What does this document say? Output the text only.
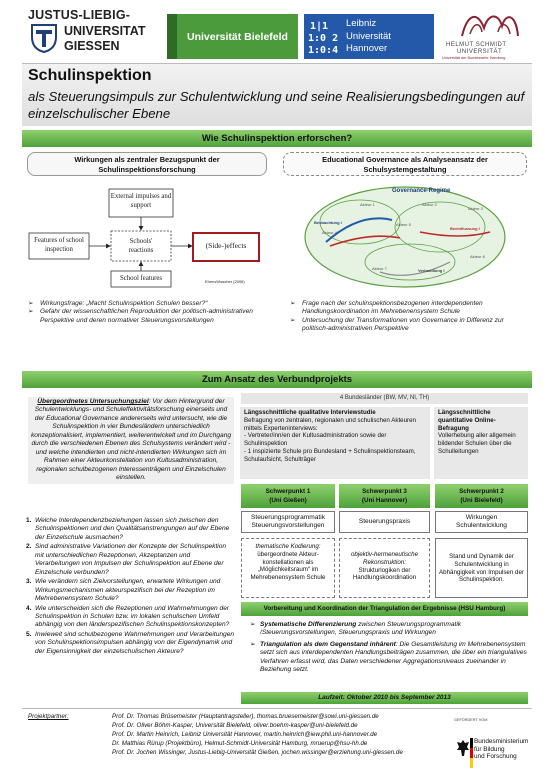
JUSTUS-LIEBIG-
UNIVERSITAT
GIESSEN
Universität Bielefeld
1|1
1:0 2
1:0:4
Leibniz
Universität
Hannover	HELMUT SCHMIDT
UNIVERSITÄT
Universität der Bundeswehr Hamburg
Schulinspektion
als Steuerungsimpuls zur Schulentwicklung und seine Realisierungsbedingungen auf einzelschulischer Ebene
Wie Schulinspektion erforschen?
Wirkungen als zentraler Bezugspunkt der Schulinspektionsforschung
Educational Governance als Analyseansatz der Schulsystemgestaltung
External impulses and support
Features of school inspection
Schools' reactions	(Side-)effects
School features	Ehren/Visscher (2006)
Governance-Regime
Akteur 1	Akteur 2
Akteur 3
Akteur 4
Akteur 5
Akteur 6
Akteur 7
Beobachtung I
Beeinflussung I
Verhandlung I
➢ Wirkungsfrage: „Macht Schulinspektion Schulen besser?“
➢ Gefahr der wissenschaftlichen Reproduktion der politisch-administrativen Perspektive und deren normativer Steuerungsvorstellungen
➢ Frage nach der schulinspektionsbezogenen interdependenten Handlungskoordination im Mehrebenensystem Schule
➢ Untersuchung der Transformationen von Governance in Differenz zur politisch-administrativen Perspektive
Zum Ansatz des Verbundprojekts
Übergeordnetes Untersuchungsziel: Vor dem Hintergrund der Schulentwicklungs- und Schuleffektivitätsforschung einerseits und der Educational Governance andererseits wird untersucht, wie die Schulinspektion in vier Bundesländern unterschiedlich konzeptionalisiert, implementiert, weiterentwickelt und im Durchgang durch die verschiedenen Ebenen des Schulsystems verändert wird - und welche intendierten und nicht-intendierten Wirkungen sich im Rahmen einer Akteurkonstellation von Kultusadministration, regionalen schulbezogenen Interessenträgern und Einzelschulen einstellen.
1. Welche Interdependenzbeziehungen lassen sich zwischen den Schulinspektionen und den Qualitätsanstrengungen auf der Ebene der Einzelschule ausmachen?
2. Sind administrative Variationen der Konzepte der Schulinspektion mit unterschiedlichen Rezeptionen, Akzeptanzen und Verarbeitungen von Impulsen der Schulinspektion auf Ebene der Einzelschule verbunden?
3. Wie verändern sich Zielvorstellungen, erwartete Wirkungen und Wirkungsmechanismen akteurspezifisch bei der Rezeption im Mehrebenensystem Schule?
4. Wie unterscheiden sich die Rezeptionen und Wahrnehmungen der Schulinspektion in Schulen bzw. im lokalen schulischen Umfeld abhängig von den länderspezifischen Schulinspektionskonzepten?
5. Inwieweit sind schulbezogene Wahrnehmungen und Verarbeitungen von Schulinspektionsimpulsen abhängig von der Eigendynamik und der Eigensinnigkeit der einzelschulischen Akteure?
4 Bundesländer (BW, MV, NI, TH)
Längsschnittliche qualitative Interviewstudie
Befragung von zentralen, regionalen und schulischen Akteuren mittels Experteninterviews:
- Vertreter/inn/en der Kultusadministration sowie der Schulinspektion
- 1 inspizierte Schule pro Bundesland + Schulinspektionsteam, Schulaufsicht, Schulträger
Längsschnittliche quantitative Online-Befragung
Vollerhebung aller allgemein bildender Schulen über die Schulleitungen
Schwerpunkt 1
(Uni Gießen)
Schwerpunkt 3
(Uni Hannover)
Schwerpunkt 2
(Uni Bielefeld)
Steuerungsprogrammatik
Steuerungsvorstellungen
Steuerungspraxis
Wirkungen
Schulentwicklung
thematische Kodierung:
übergeordnete Akteur-konstellationen als „Möglichkeitsraum“ im Mehrebenensystem Schule
objektiv-hermeneutische Rekonstruktion:
Strukturlogiken der Handlungskoordination
Stand und Dynamik der Schulentwicklung in Abhängigkeit von Impulsen der Schulinspektion.
Vorbereitung und Koordination der Triangulation der Ergebnisse (HSU Hamburg)
➢ Systematische Differenzierung zwischen Steuerungsprogrammatik /Steuerungsvorstellungen, Steuerungspraxis und Wirkungen
➢ Triangulation als dem Gegenstand inhärent: Die Gesamtleistung im Mehrebenensystem setzt sich aus interdependenten Handlungsbeiträgen zusammen, die über ein triangulatives Verfahren erfasst wird, das Daten verschiedener Aggregationsniveaus zueinander in Beziehung setzt.
Laufzeit: Oktober 2010 bis September 2013
Projektpartner:	Prof. Dr. Thomas Brüsemeister (Hauptantragsteller), thomas.bruesemeister@sowi.uni-giessen.de
Prof. Dr. Oliver Böhm-Kasper, Universität Bielefeld, oliver.boehm-kasper@uni-bielefeld.de
Prof. Dr. Martin Heinrich, Leibniz Universität Hannover, martin.heinrich@iew.phil.uni-hannover.de
Dr. Matthias Rürup (Projektbüro), Helmut-Schmidt-Universität Hamburg, mruerup@hsu-hh.de
Prof. Dr. Jochen Wissinger, Justus-Liebig-Universität Gießen, jochen.wissinger@erziehung.uni-giessen.de
GEFÖRDERT VOM
Bundesministerium
für Bildung
und Forschung
